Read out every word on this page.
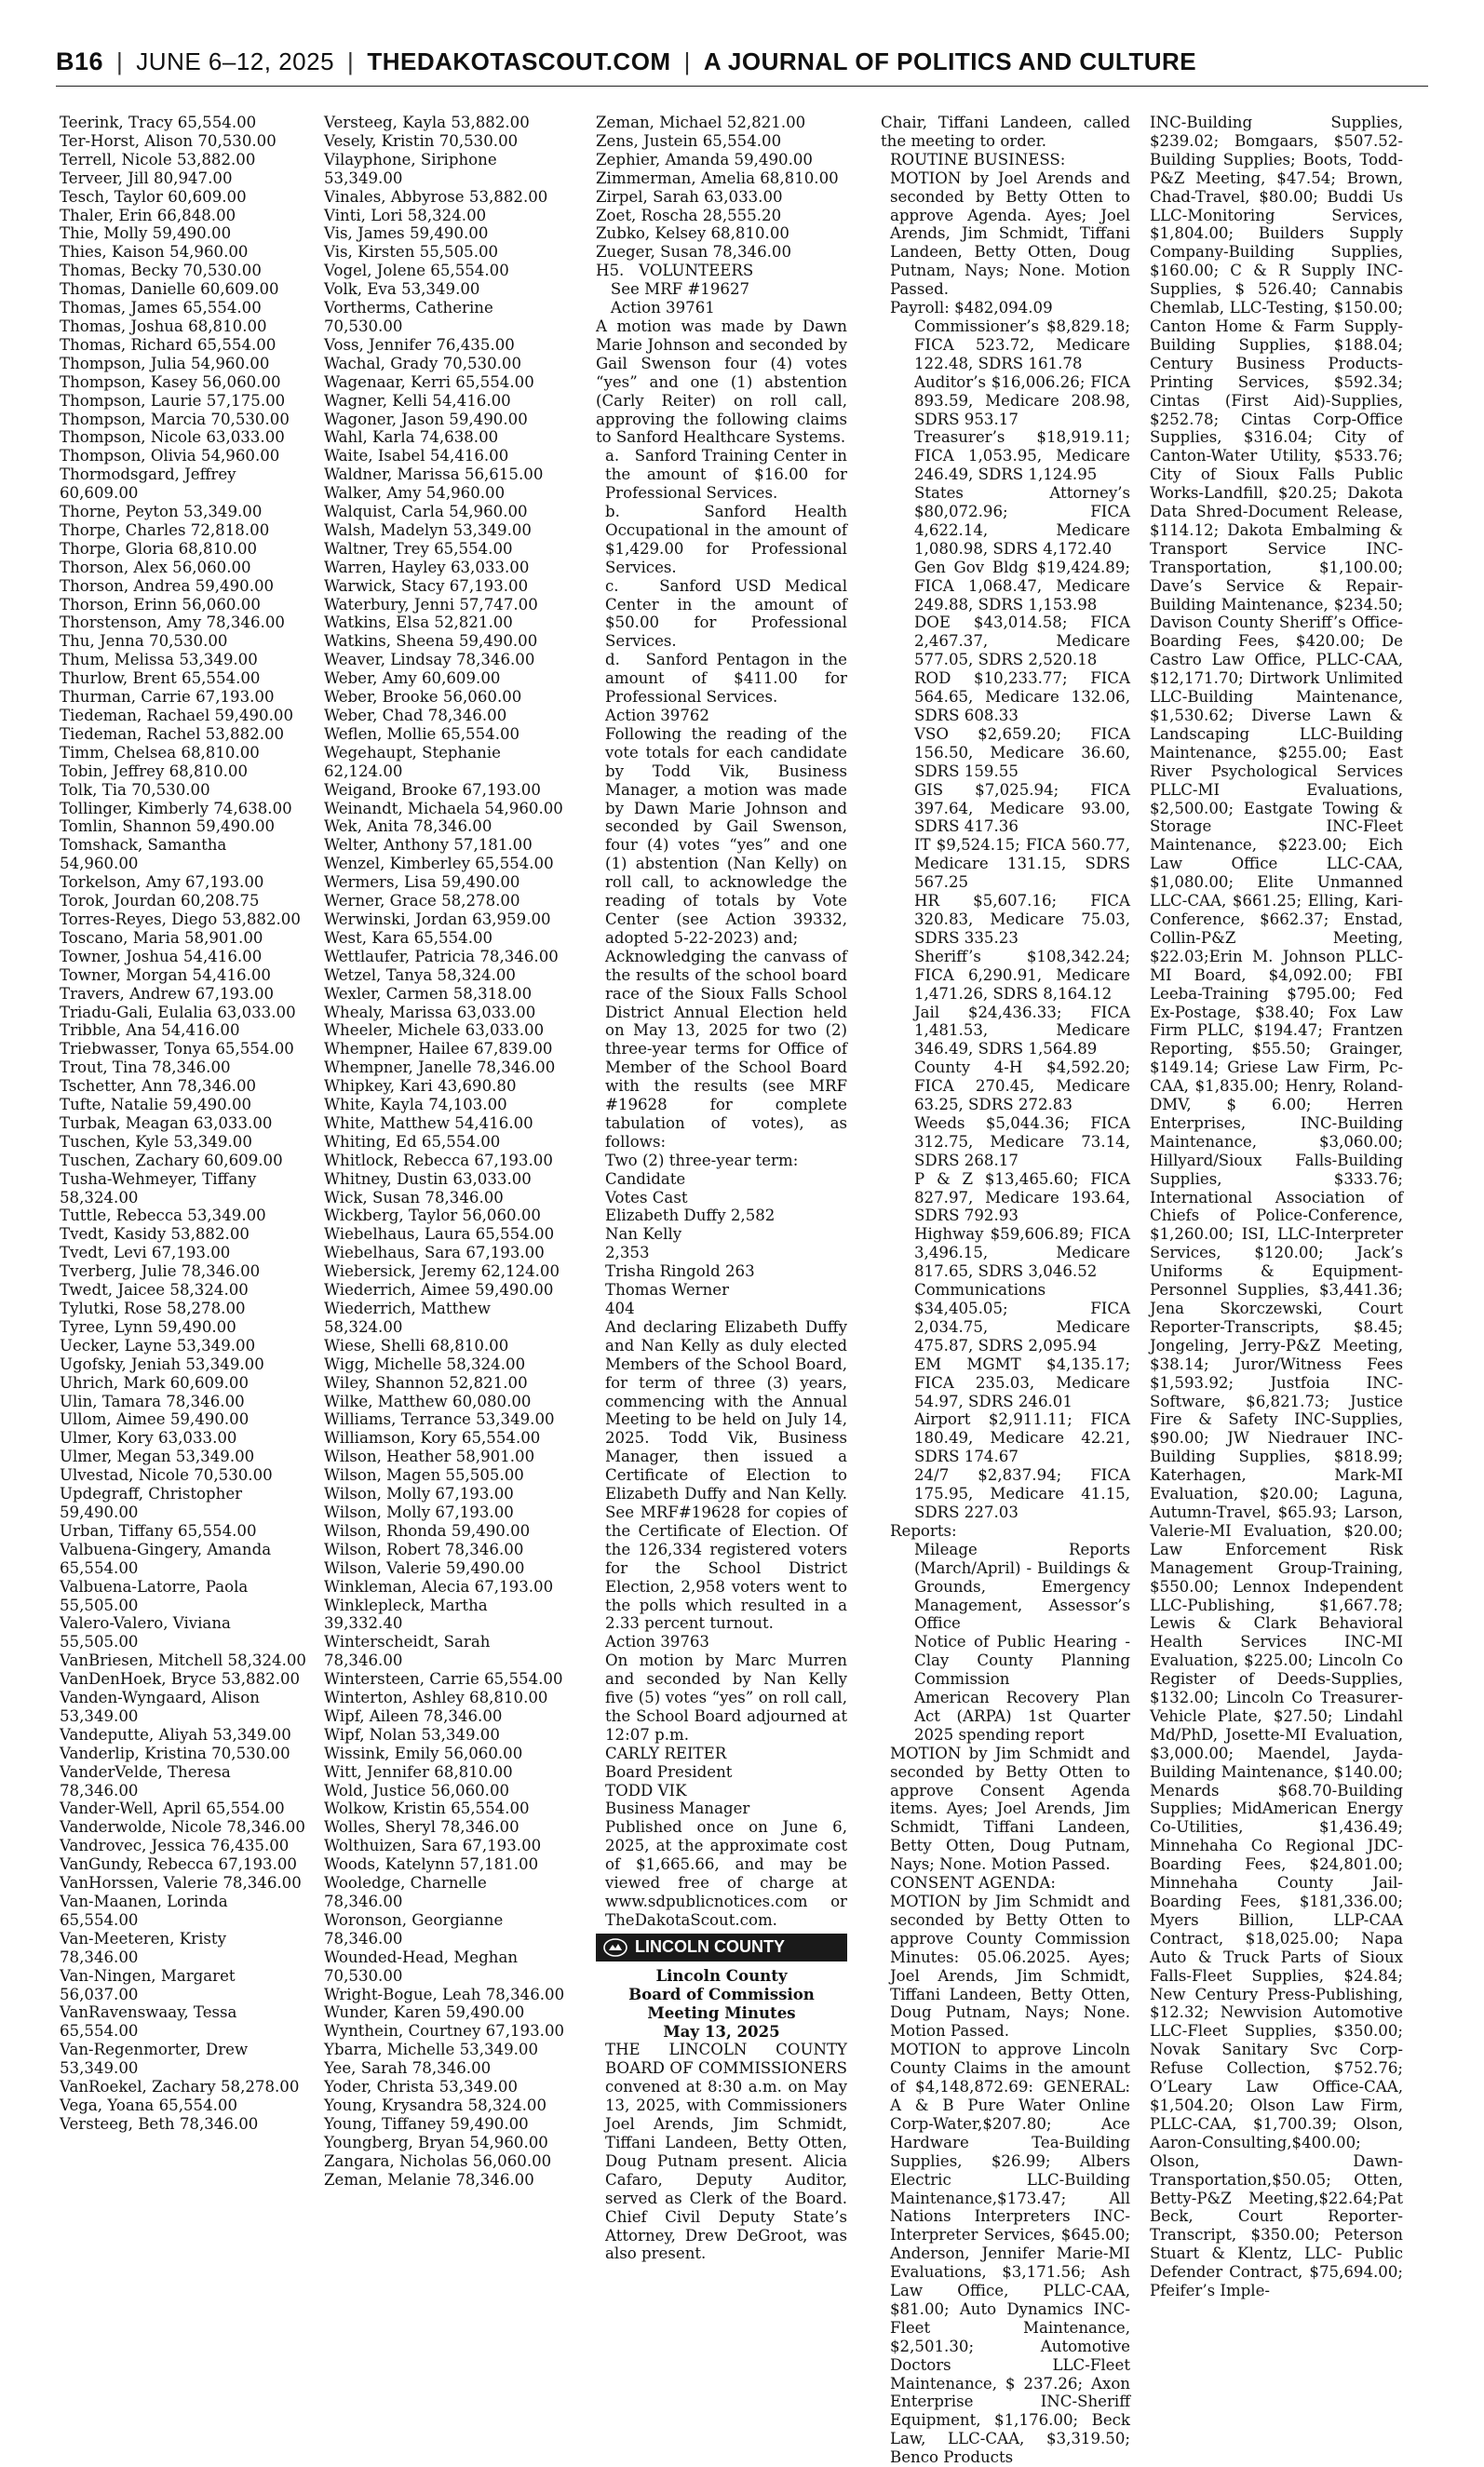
B16 | JUNE 6–12, 2025 | THEDAKOTASCOUT.COM | A JOURNAL OF POLITICS AND CULTURE

Teerink, Tracy 65,554.00

Ter-Horst, Alison 70,530.00

Terrell, Nicole 53,882.00

Terveer, Jill 80,947.00

Tesch, Taylor 60,609.00

Thaler, Erin 66,848.00

Thie, Molly 59,490.00

Thies, Kaison 54,960.00

Thomas, Becky 70,530.00

Thomas, Danielle 60,609.00

Thomas, James 65,554.00

Thomas, Joshua 68,810.00

Thomas, Richard 65,554.00

Thompson, Julia 54,960.00

Thompson, Kasey 56,060.00

Thompson, Laurie 57,175.00

Thompson, Marcia 70,530.00

Thompson, Nicole 63,033.00

Thompson, Olivia 54,960.00

Thormodsgard, Jeffrey 60,609.00

Thorne, Peyton 53,349.00

Thorpe, Charles 72,818.00

Thorpe, Gloria 68,810.00

Thorson, Alex 56,060.00

Thorson, Andrea 59,490.00

Thorson, Erinn 56,060.00

Thorstenson, Amy 78,346.00

Thu, Jenna 70,530.00

Thum, Melissa 53,349.00

Thurlow, Brent 65,554.00

Thurman, Carrie 67,193.00

Tiedeman, Rachael 59,490.00

Tiedeman, Rachel 53,882.00

Timm, Chelsea 68,810.00

Tobin, Jeffrey 68,810.00

Tolk, Tia 70,530.00

Tollinger, Kimberly 74,638.00

Tomlin, Shannon 59,490.00

Tomshack, Samantha 54,960.00

Torkelson, Amy 67,193.00

Torok, Jourdan 60,208.75

Torres-Reyes, Diego 53,882.00

Toscano, Maria 58,901.00

Towner, Joshua 54,416.00

Towner, Morgan 54,416.00

Travers, Andrew 67,193.00

Triadu-Gali, Eulalia 63,033.00

Tribble, Ana 54,416.00

Triebwasser, Tonya 65,554.00

Trout, Tina 78,346.00

Tschetter, Ann 78,346.00

Tufte, Natalie 59,490.00

Turbak, Meagan 63,033.00

Tuschen, Kyle 53,349.00

Tuschen, Zachary 60,609.00

Tusha-Wehmeyer, Tiffany 58,324.00

Tuttle, Rebecca 53,349.00

Tvedt, Kasidy 53,882.00

Tvedt, Levi 67,193.00

Tverberg, Julie 78,346.00

Twedt, Jaicee 58,324.00

Tylutki, Rose 58,278.00

Tyree, Lynn 59,490.00

Uecker, Layne 53,349.00

Ugofsky, Jeniah 53,349.00

Uhrich, Mark 60,609.00

Ulin, Tamara 78,346.00

Ullom, Aimee 59,490.00

Ulmer, Kory 63,033.00

Ulmer, Megan 53,349.00

Ulvestad, Nicole 70,530.00

Updegraff, Christopher 59,490.00

Urban, Tiffany 65,554.00

Valbuena-Gingery, Amanda 65,554.00

Valbuena-Latorre, Paola 55,505.00

Valero-Valero, Viviana 55,505.00

VanBriesen, Mitchell 58,324.00

VanDenHoek, Bryce 53,882.00

Vanden-Wyngaard, Alison 53,349.00

Vandeputte, Aliyah 53,349.00

Vanderlip, Kristina 70,530.00

VanderVelde, Theresa 78,346.00

Vander-Well, April 65,554.00

Vanderwolde, Nicole 78,346.00

Vandrovec, Jessica 76,435.00

VanGundy, Rebecca 67,193.00

VanHorssen, Valerie 78,346.00

Van-Maanen, Lorinda 65,554.00

Van-Meeteren, Kristy 78,346.00

Van-Ningen, Margaret 56,037.00

VanRavenswaay, Tessa 65,554.00

Van-Regenmorter, Drew 53,349.00

VanRoekel, Zachary 58,278.00

Vega, Yoana 65,554.00

Versteeg, Beth 78,346.00

Versteeg, Kayla 53,882.00

Vesely, Kristin 70,530.00

Vilayphone, Siriphone 53,349.00

Vinales, Abbyrose 53,882.00

Vinti, Lori 58,324.00

Vis, James 59,490.00

Vis, Kirsten 55,505.00

Vogel, Jolene 65,554.00

Volk, Eva 53,349.00

Vortherms, Catherine 70,530.00

Voss, Jennifer 76,435.00

Wachal, Grady 70,530.00

Wagenaar, Kerri 65,554.00

Wagner, Kelli 54,416.00

Wagoner, Jason 59,490.00

Wahl, Karla 74,638.00

Waite, Isabel 54,416.00

Waldner, Marissa 56,615.00

Walker, Amy 54,960.00

Walquist, Carla 54,960.00

Walsh, Madelyn 53,349.00

Waltner, Trey 65,554.00

Warren, Hayley 63,033.00

Warwick, Stacy 67,193.00

Waterbury, Jenni 57,747.00

Watkins, Elsa 52,821.00

Watkins, Sheena 59,490.00

Weaver, Lindsay 78,346.00

Weber, Amy 60,609.00

Weber, Brooke 56,060.00

Weber, Chad 78,346.00

Weflen, Mollie 65,554.00

Wegehaupt, Stephanie 62,124.00

Weigand, Brooke 67,193.00

Weinandt, Michaela 54,960.00

Wek, Anita 78,346.00

Welter, Anthony 57,181.00

Wenzel, Kimberley 65,554.00

Wermers, Lisa 59,490.00

Werner, Grace 58,278.00

Werwinski, Jordan 63,959.00

West, Kara 65,554.00

Wettlaufer, Patricia 78,346.00

Wetzel, Tanya 58,324.00

Wexler, Carmen 58,318.00

Whealy, Marissa 63,033.00

Wheeler, Michele 63,033.00

Whempner, Hailee 67,839.00

Whempner, Janelle 78,346.00

Whipkey, Kari 43,690.80

White, Kayla 74,103.00

White, Matthew 54,416.00

Whiting, Ed 65,554.00

Whitlock, Rebecca 67,193.00

Whitney, Dustin 63,033.00

Wick, Susan 78,346.00

Wickberg, Taylor 56,060.00

Wiebelhaus, Laura 65,554.00

Wiebelhaus, Sara 67,193.00

Wiebersick, Jeremy 62,124.00

Wiederrich, Aimee 59,490.00

Wiederrich, Matthew 58,324.00

Wiese, Shelli 68,810.00

Wigg, Michelle 58,324.00

Wiley, Shannon 52,821.00

Wilke, Matthew 60,080.00

Williams, Terrance 53,349.00

Williamson, Kory 65,554.00

Wilson, Heather 58,901.00

Wilson, Magen 55,505.00

Wilson, Molly 67,193.00

Wilson, Molly 67,193.00

Wilson, Rhonda 59,490.00

Wilson, Robert 78,346.00

Wilson, Valerie 59,490.00

Winkleman, Alecia 67,193.00

Winklepleck, Martha 39,332.40

Winterscheidt, Sarah 78,346.00

Wintersteen, Carrie 65,554.00

Winterton, Ashley 68,810.00

Wipf, Aileen 78,346.00

Wipf, Nolan 53,349.00

Wissink, Emily 56,060.00

Witt, Jennifer 68,810.00

Wold, Justice 56,060.00

Wolkow, Kristin 65,554.00

Wolles, Sheryl 78,346.00

Wolthuizen, Sara 67,193.00

Woods, Katelynn 57,181.00

Wooledge, Charnelle 78,346.00

Woronson, Georgianne 78,346.00

Wounded-Head, Meghan 70,530.00

Wright-Bogue, Leah 78,346.00

Wunder, Karen 59,490.00

Wynthein, Courtney 67,193.00

Ybarra, Michelle 53,349.00

Yee, Sarah 78,346.00

Yoder, Christa 53,349.00

Young, Krysandra 58,324.00

Young, Tiffaney 59,490.00

Youngberg, Bryan 54,960.00

Zangara, Nicholas 56,060.00

Zeman, Melanie 78,346.00

Zeman, Michael 52,821.00

Zens, Justein 65,554.00

Zephier, Amanda 59,490.00

Zimmerman, Amelia 68,810.00

Zirpel, Sarah 63,033.00

Zoet, Roscha 28,555.20

Zubko, Kelsey 68,810.00

Zueger, Susan 78,346.00

H5.   VOLUNTEERS

See MRF #19627

Action 39761

A motion was made by Dawn Marie Johnson and seconded by Gail Swenson four (4) votes “yes” and one (1) abstention (Carly Reiter) on roll call, approving the following claims to Sanford Healthcare Systems.

a.   Sanford Training Center in the amount of $16.00 for Professional Services.

b.   Sanford Health Occupational in the amount of $1,429.00 for Professional Services.

c.   Sanford USD Medical Center in the amount of $50.00 for Professional Services.

d.   Sanford Pentagon in the amount of $411.00 for Professional Services.

Action 39762

Following the reading of the vote totals for each candidate by Todd Vik, Business Manager, a motion was made by Dawn Marie Johnson and seconded by Gail Swenson, four (4) votes “yes” and one (1) abstention (Nan Kelly) on roll call, to acknowledge the reading of totals by Vote Center (see Action 39332, adopted 5-22-2023) and;

Acknowledging the canvass of the results of the school board race of the Sioux Falls School District Annual Election held on May 13, 2025 for two (2) three-year terms for Office of Member of the School Board with the results (see MRF #19628 for complete tabulation of votes), as follows:

Two (2) three-year term:

Candidate

Votes Cast

Elizabeth Duffy 2,582

Nan Kelly

2,353

Trisha Ringold 263

Thomas Werner

404

And declaring Elizabeth Duffy and Nan Kelly as duly elected Members of the School Board, for term of three (3) years, commencing with the Annual Meeting to be held on July 14, 2025. Todd Vik, Business Manager, then issued a Certificate of Election to Elizabeth Duffy and Nan Kelly. See MRF#19628 for copies of the Certificate of Election. Of the 126,334 registered voters for the School District Election, 2,958 voters went to the polls which resulted in a 2.33 percent turnout.

Action 39763

On motion by Marc Murren and seconded by Nan Kelly five (5) votes “yes” on roll call, the School Board adjourned at 12:07 p.m.

CARLY REITER

Board President

TODD VIK

Business Manager

Published once on June 6, 2025, at the approximate cost of $1,665.66, and may be viewed free of charge at www.sdpublicnotices.com or TheDakotaScout.com.

LINCOLN COUNTY

Lincoln County

Board of Commission

Meeting Minutes

May 13, 2025

THE LINCOLN COUNTY BOARD OF COMMISSIONERS convened at 8:30 a.m. on May 13, 2025, with Commissioners Joel Arends, Jim Schmidt, Tiffani Landeen, Betty Otten, Doug Putnam present. Alicia Cafaro, Deputy Auditor, served as Clerk of the Board. Chief Civil Deputy State’s Attorney, Drew DeGroot, was also present.

Chair, Tiffani Landeen, called the meeting to order.

ROUTINE BUSINESS:

MOTION by Joel Arends and seconded by Betty Otten to approve Agenda. Ayes; Joel Arends, Jim Schmidt, Tiffani Landeen, Betty Otten, Doug Putnam, Nays; None. Motion Passed.

Payroll: $482,094.09

Commissioner’s $8,829.18; FICA 523.72, Medicare 122.48, SDRS 161.78

Auditor’s $16,006.26; FICA 893.59, Medicare 208.98, SDRS 953.17

Treasurer’s $18,919.11; FICA 1,053.95, Medicare 246.49, SDRS 1,124.95

States Attorney’s $80,072.96; FICA 4,622.14, Medicare 1,080.98, SDRS 4,172.40

Gen Gov Bldg $19,424.89; FICA 1,068.47, Medicare 249.88, SDRS 1,153.98

DOE $43,014.58; FICA 2,467.37, Medicare 577.05, SDRS 2,520.18

ROD $10,233.77; FICA 564.65, Medicare 132.06, SDRS 608.33

VSO $2,659.20; FICA 156.50, Medicare 36.60, SDRS 159.55

GIS $7,025.94; FICA 397.64, Medicare 93.00, SDRS 417.36

IT $9,524.15; FICA 560.77, Medicare 131.15, SDRS 567.25

HR $5,607.16; FICA 320.83, Medicare 75.03, SDRS 335.23

Sheriff’s $108,342.24; FICA 6,290.91, Medicare 1,471.26, SDRS 8,164.12

Jail $24,436.33; FICA 1,481.53, Medicare 346.49, SDRS 1,564.89

County 4-H $4,592.20; FICA 270.45, Medicare 63.25, SDRS 272.83

Weeds $5,044.36; FICA 312.75, Medicare 73.14, SDRS 268.17

P & Z $13,465.60; FICA 827.97, Medicare 193.64, SDRS 792.93

Highway $59,606.89; FICA 3,496.15, Medicare 817.65, SDRS 3,046.52

Communications $34,405.05; FICA 2,034.75, Medicare 475.87, SDRS 2,095.94

EM MGMT $4,135.17; FICA 235.03, Medicare 54.97, SDRS 246.01

Airport $2,911.11; FICA 180.49, Medicare 42.21, SDRS 174.67

24/7 $2,837.94; FICA 175.95, Medicare 41.15, SDRS 227.03

Reports:

Mileage Reports (March/April) - Buildings & Grounds, Emergency Management, Assessor’s Office

Notice of Public Hearing - Clay County Planning Commission

American Recovery Plan Act (ARPA) 1st Quarter 2025 spending report

MOTION by Jim Schmidt and seconded by Betty Otten to approve Consent Agenda items. Ayes; Joel Arends, Jim Schmidt, Tiffani Landeen, Betty Otten, Doug Putnam, Nays; None. Motion Passed.

CONSENT AGENDA:

MOTION by Jim Schmidt and seconded by Betty Otten to approve County Commission Minutes: 05.06.2025. Ayes; Joel Arends, Jim Schmidt, Tiffani Landeen, Betty Otten, Doug Putnam, Nays; None. Motion Passed.

MOTION to approve Lincoln County Claims in the amount of $4,148,872.69: GENERAL: A & B Pure Water Online Corp-Water,$207.80; Ace Hardware Tea-Building Supplies, $26.99; Albers Electric LLC-Building Maintenance,$173.47; All Nations Interpreters INC-Interpreter Services, $645.00; Anderson, Jennifer Marie-MI Evaluations, $3,171.56; Ash Law Office, PLLC-CAA, $81.00; Auto Dynamics INC-Fleet Maintenance, $2,501.30; Automotive Doctors LLC-Fleet Maintenance, $ 237.26; Axon Enterprise INC-Sheriff Equipment, $1,176.00; Beck Law, LLC-CAA, $3,319.50; Benco Products

INC-Building Supplies, $239.02; Bomgaars, $507.52-Building Supplies; Boots, Todd-P&Z Meeting, $47.54; Brown, Chad-Travel, $80.00; Buddi Us LLC-Monitoring Services, $1,804.00; Builders Supply Company-Building Supplies, $160.00; C & R Supply INC-Supplies, $ 526.40; Cannabis Chemlab, LLC-Testing, $150.00; Canton Home & Farm Supply-Building Supplies, $188.04; Century Business Products-Printing Services, $592.34; Cintas (First Aid)-Supplies, $252.78; Cintas Corp-Office Supplies, $316.04; City of Canton-Water Utility, $533.76; City of Sioux Falls Public Works-Landfill, $20.25; Dakota Data Shred-Document Release, $114.12; Dakota Embalming & Transport Service INC-Transportation, $1,100.00; Dave’s Service & Repair-Building Maintenance, $234.50; Davison County Sheriff’s Office-Boarding Fees, $420.00; De Castro Law Office, PLLC-CAA, $12,171.70; Dirtwork Unlimited LLC-Building Maintenance, $1,530.62; Diverse Lawn & Landscaping LLC-Building Maintenance, $255.00; East River Psychological Services PLLC-MI Evaluations, $2,500.00; Eastgate Towing & Storage INC-Fleet Maintenance, $223.00; Eich Law Office LLC-CAA, $1,080.00; Elite Unmanned LLC-CAA, $661.25; Elling, Kari-Conference, $662.37; Enstad, Collin-P&Z Meeting, $22.03;Erin M. Johnson PLLC-MI Board, $4,092.00; FBI Leeba-Training $795.00; Fed Ex-Postage, $38.40; Fox Law Firm PLLC, $194.47; Frantzen Reporting, $55.50; Grainger, $149.14; Griese Law Firm, Pc-CAA, $1,835.00; Henry, Roland-DMV, $ 6.00; Herren Enterprises, INC-Building Maintenance, $3,060.00; Hillyard/Sioux Falls-Building Supplies, $333.76; International Association of Chiefs of Police-Conference, $1,260.00; ISI, LLC-Interpreter Services, $120.00; Jack’s Uniforms & Equipment-Personnel Supplies, $3,441.36; Jena Skorczewski, Court Reporter-Transcripts, $8.45; Jongeling, Jerry-P&Z Meeting, $38.14; Juror/Witness Fees $1,593.92; Justfoia INC-Software, $6,821.73; Justice Fire & Safety INC-Supplies, $90.00; JW Niedrauer INC-Building Supplies, $818.99; Katerhagen, Mark-MI Evaluation, $20.00; Laguna, Autumn-Travel, $65.93; Larson, Valerie-MI Evaluation, $20.00; Law Enforcement Risk Management Group-Training, $550.00; Lennox Independent LLC-Publishing, $1,667.78; Lewis & Clark Behavioral Health Services INC-MI Evaluation, $225.00; Lincoln Co Register of Deeds-Supplies, $132.00; Lincoln Co Treasurer-Vehicle Plate, $27.50; Lindahl Md/PhD, Josette-MI Evaluation, $3,000.00; Maendel, Jayda-Building Maintenance, $140.00; Menards $68.70-Building Supplies; MidAmerican Energy Co-Utilities, $1,436.49; Minnehaha Co Regional JDC-Boarding Fees, $24,801.00; Minnehaha County Jail-Boarding Fees, $181,336.00; Myers Billion, LLP-CAA Contract, $18,025.00; Napa Auto & Truck Parts of Sioux Falls-Fleet Supplies, $24.84; New Century Press-Publishing, $12.32; Newvision Automotive LLC-Fleet Supplies, $350.00; Novak Sanitary Svc Corp-Refuse Collection, $752.76; O’Leary Law Office-CAA, $1,504.20; Olson Law Firm, PLLC-CAA, $1,700.39; Olson, Aaron-Consulting,$400.00; Olson, Dawn-Transportation,$50.05; Otten, Betty-P&Z Meeting,$22.64;Pat Beck, Court Reporter-Transcript, $350.00; Peterson Stuart & Klentz, LLC- Public Defender Contract, $75,694.00; Pfeifer’s Imple-
